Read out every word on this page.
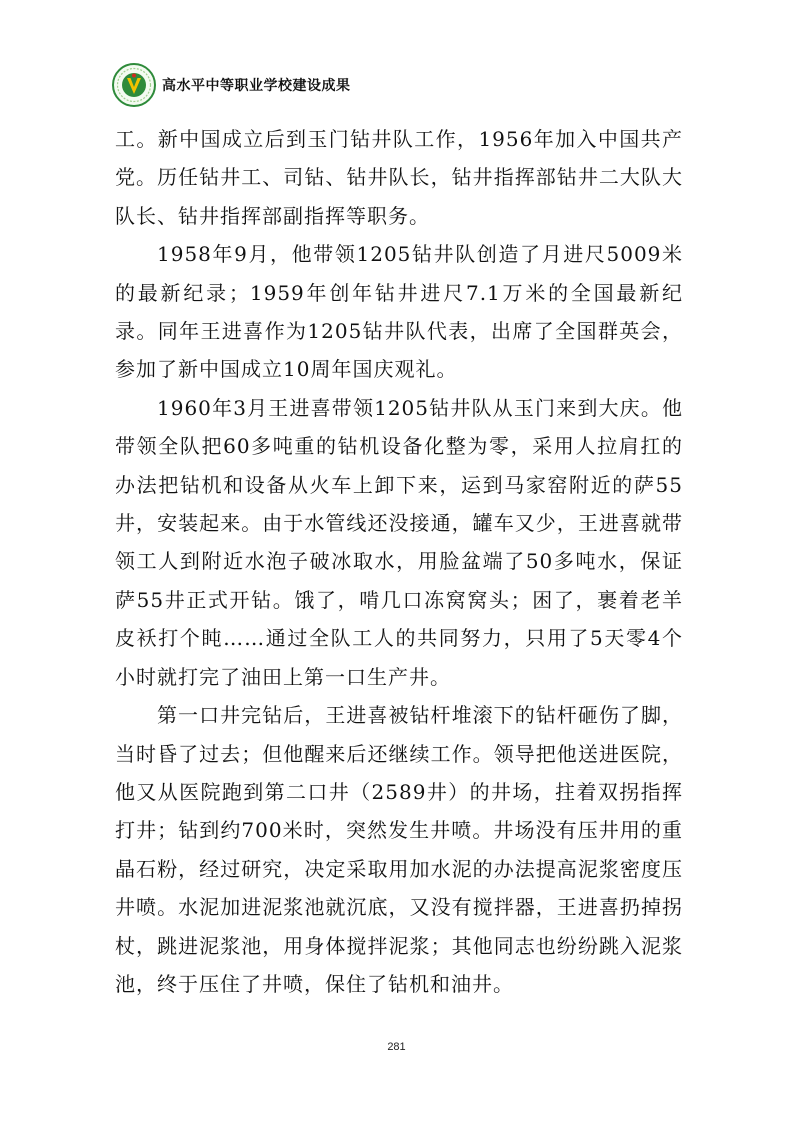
高水平中等职业学校建设成果

工。新中国成立后到玉门钻井队工作，1956年加入中国共产党。历任钻井工、司钻、钻井队长，钻井指挥部钻井二大队大队长、钻井指挥部副指挥等职务。

1958年9月，他带领1205钻井队创造了月进尺5009米的最新纪录；1959年创年钻井进尺7.1万米的全国最新纪录。同年王进喜作为1205钻井队代表，出席了全国群英会，参加了新中国成立10周年国庆观礼。

1960年3月王进喜带领1205钻井队从玉门来到大庆。他带领全队把60多吨重的钻机设备化整为零，采用人拉肩扛的办法把钻机和设备从火车上卸下来，运到马家窑附近的萨55井，安装起来。由于水管线还没接通，罐车又少，王进喜就带领工人到附近水泡子破冰取水，用脸盆端了50多吨水，保证萨55井正式开钻。饿了，啃几口冻窝窝头；困了，裹着老羊皮袄打个盹……通过全队工人的共同努力，只用了5天零4个小时就打完了油田上第一口生产井。

第一口井完钻后，王进喜被钻杆堆滚下的钻杆砸伤了脚，当时昏了过去；但他醒来后还继续工作。领导把他送进医院，他又从医院跑到第二口井（2589井）的井场，拄着双拐指挥打井；钻到约700米时，突然发生井喷。井场没有压井用的重晶石粉，经过研究，决定采取用加水泥的办法提高泥浆密度压井喷。水泥加进泥浆池就沉底，又没有搅拌器，王进喜扔掉拐杖，跳进泥浆池，用身体搅拌泥浆；其他同志也纷纷跳入泥浆池，终于压住了井喷，保住了钻机和油井。

281
